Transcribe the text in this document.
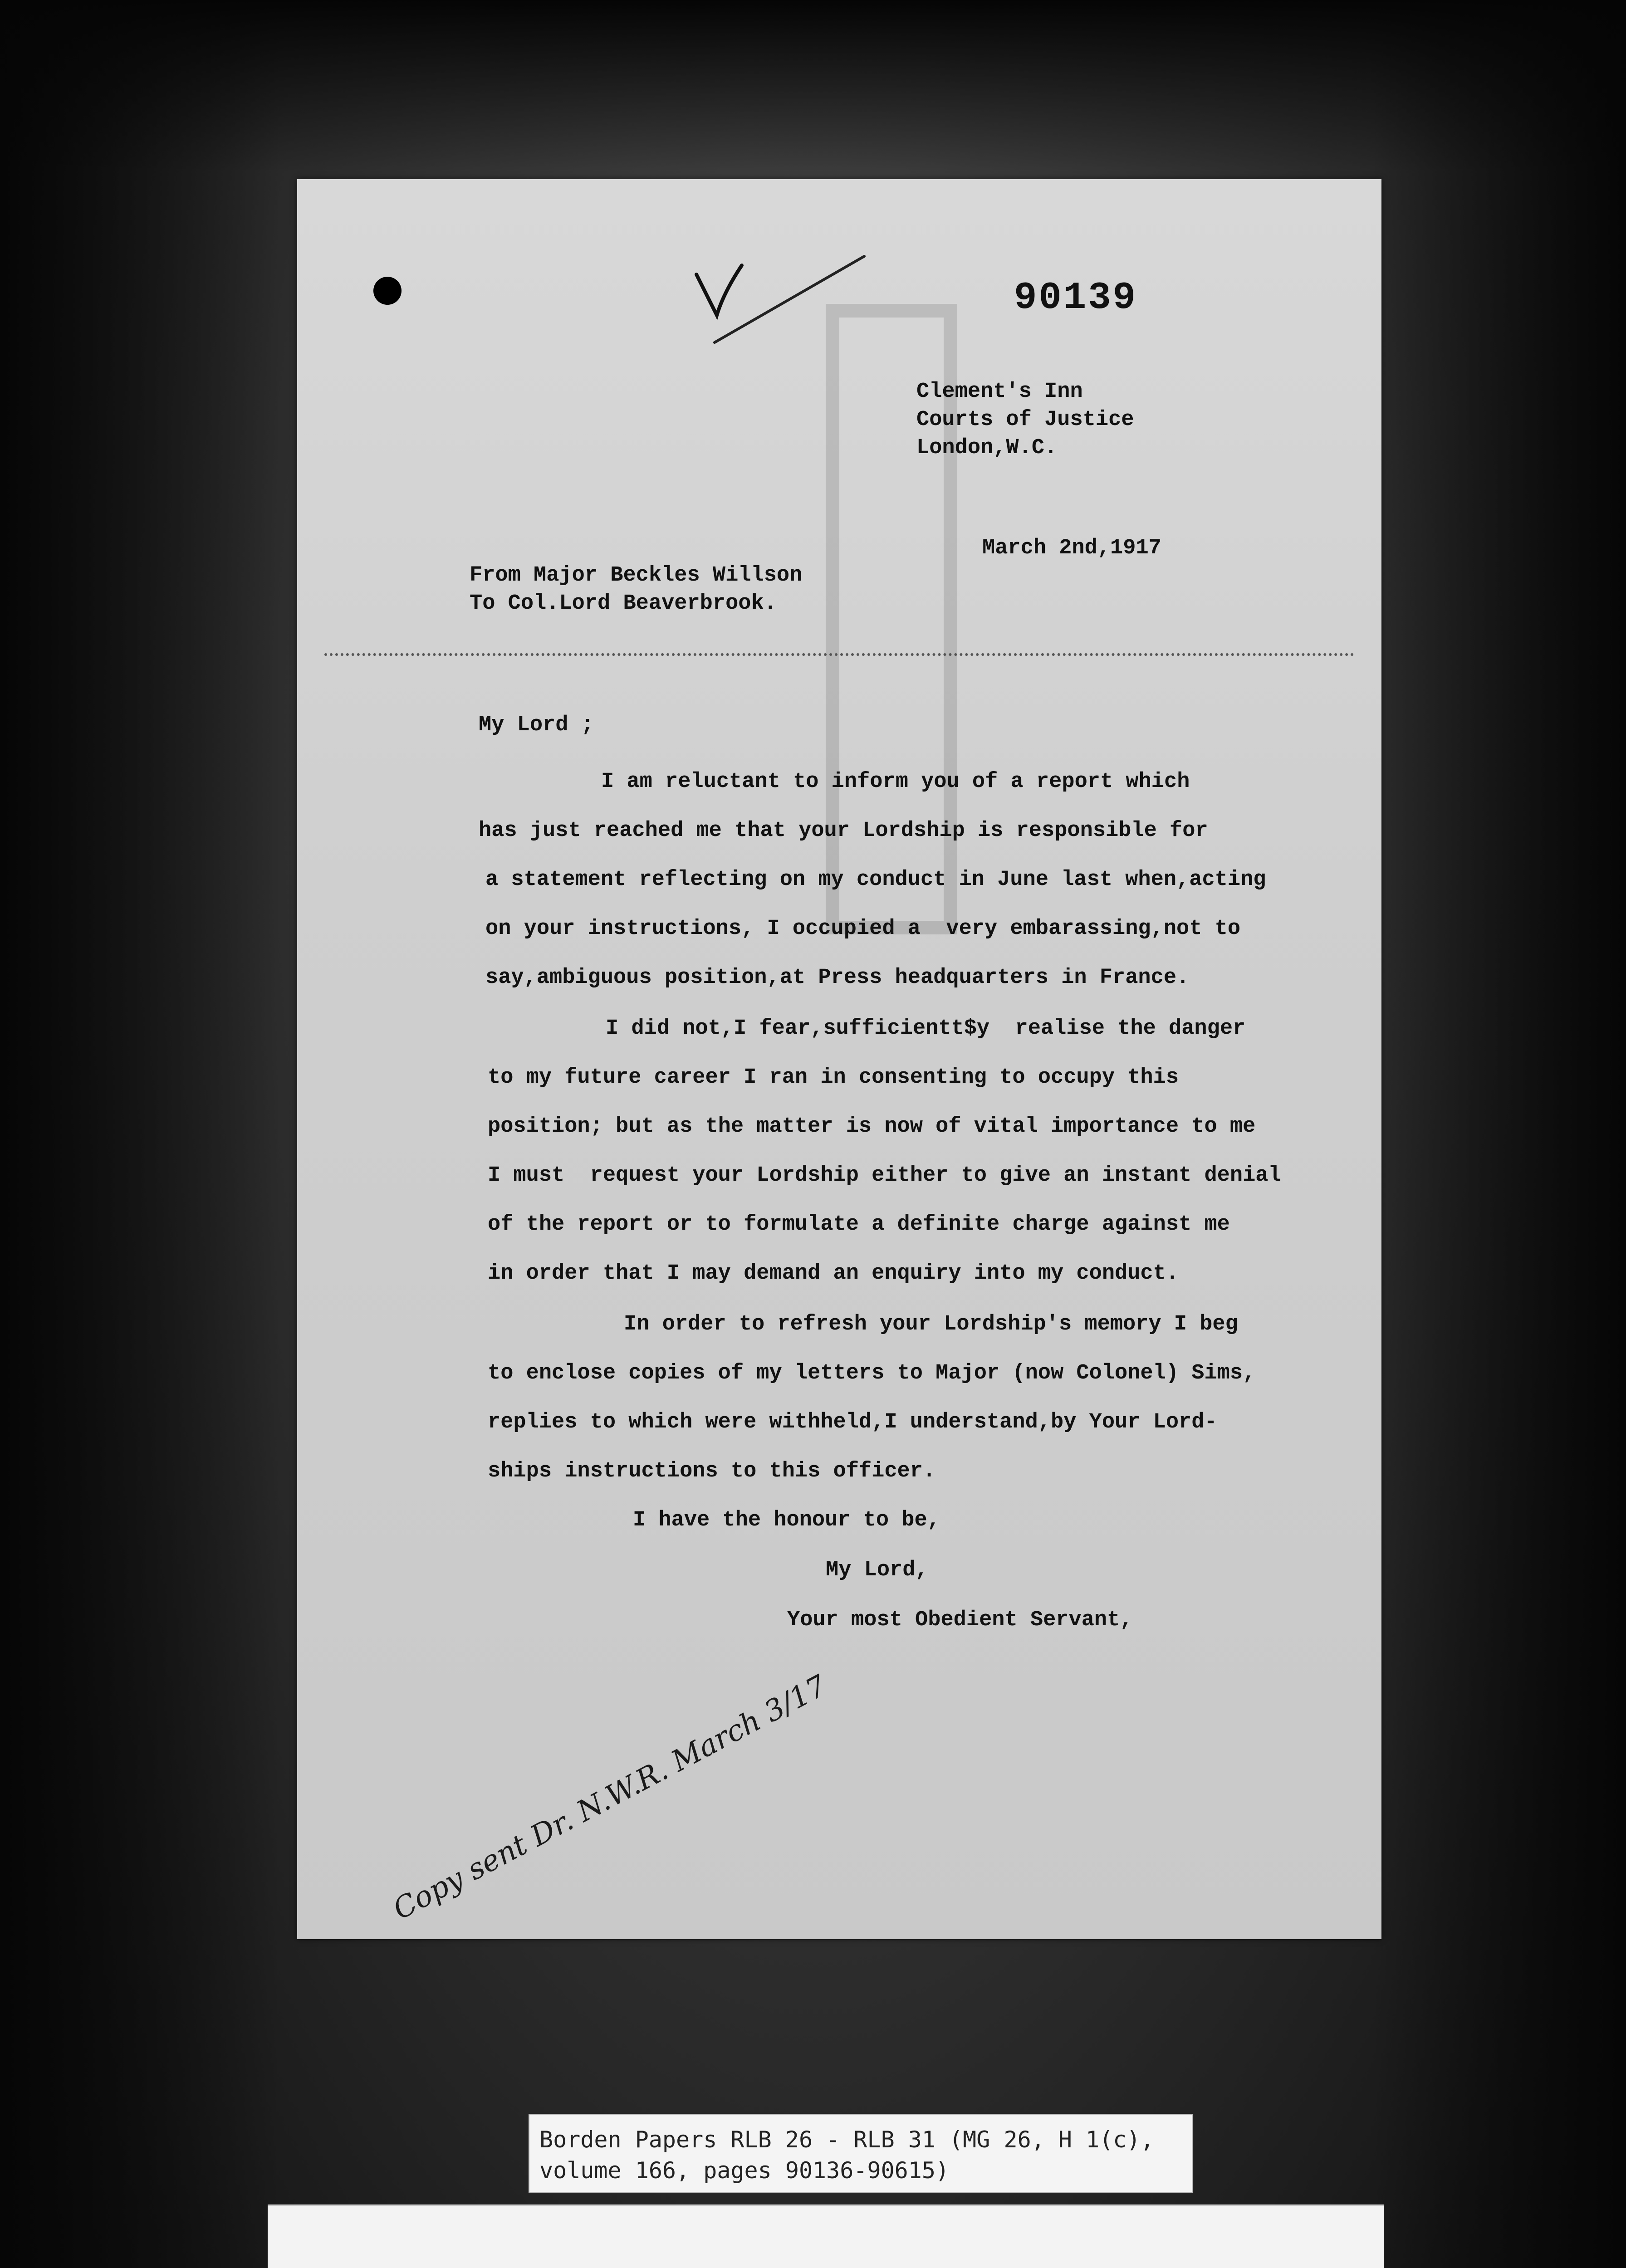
90139
Clement's Inn
Courts of Justice
London,W.C.
March 2nd,1917
From Major Beckles Willson
To Col.Lord Beaverbrook.
My Lord ;
I am reluctant to inform you of a report which
has just reached me that your Lordship is responsible for
a statement reflecting on my conduct in June last when,acting
on your instructions, I occupied a  very embarassing,not to
say,ambiguous position,at Press headquarters in France.
I did not,I fear,sufficientt$y  realise the danger
to my future career I ran in consenting to occupy this
position; but as the matter is now of vital importance to me
I must  request your Lordship either to give an instant denial
of the report or to formulate a definite charge against me
in order that I may demand an enquiry into my conduct.
In order to refresh your Lordship's memory I beg
to enclose copies of my letters to Major (now Colonel) Sims,
replies to which were withheld,I understand,by Your Lord-
ships instructions to this officer.
I have the honour to be,
My Lord,
Your most Obedient Servant,
Copy sent Dr. N.W.R. March 3/17
Borden Papers RLB 26 - RLB 31 (MG 26, H 1(c),
volume 166, pages 90136-90615)
